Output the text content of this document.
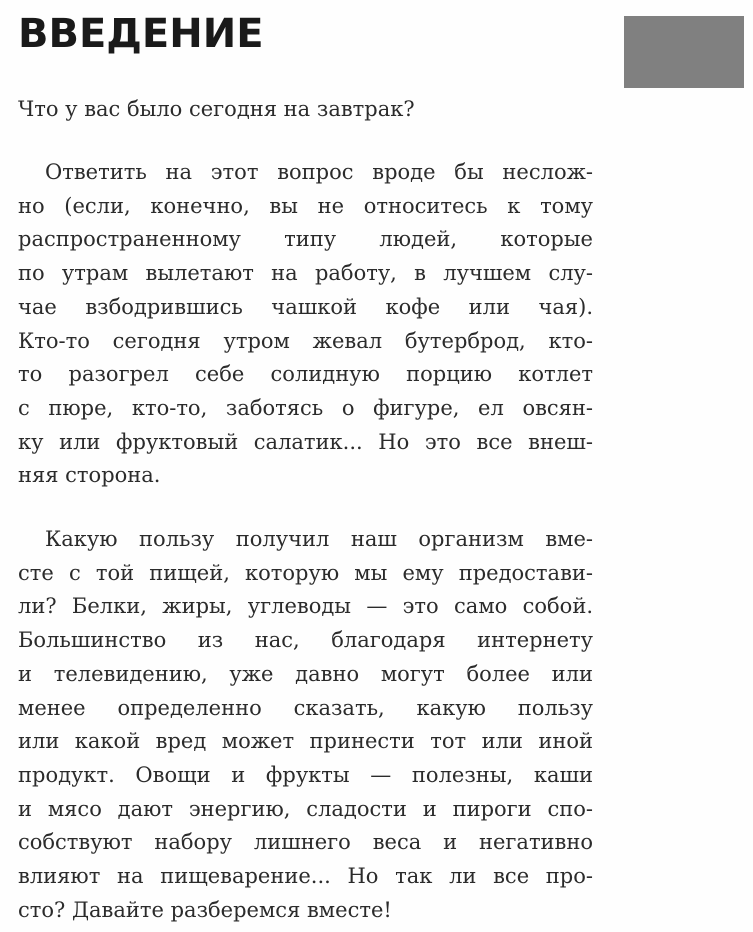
ВВЕДЕНИЕ

Что у вас было сегодня на завтрак?

Ответить на этот вопрос вроде бы неслож-
но (если, конечно, вы не относитесь к тому
распространенному типу людей, которые
по утрам вылетают на работу, в лучшем слу-
чае взбодрившись чашкой кофе или чая).
Кто-то сегодня утром жевал бутерброд, кто-
то разогрел себе солидную порцию котлет
с пюре, кто-то, заботясь о фигуре, ел овсян-
ку или фруктовый салатик... Но это все внеш-
няя сторона.
Какую пользу получил наш организм вме-
сте с той пищей, которую мы ему предостави-
ли? Белки, жиры, углеводы — это само собой.
Большинство из нас, благодаря интернету
и телевидению, уже давно могут более или
менее определенно сказать, какую пользу
или какой вред может принести тот или иной
продукт. Овощи и фрукты — полезны, каши
и мясо дают энергию, сладости и пироги спо-
собствуют набору лишнего веса и негативно
влияют на пищеварение... Но так ли все про-
сто? Давайте разберемся вместе!
